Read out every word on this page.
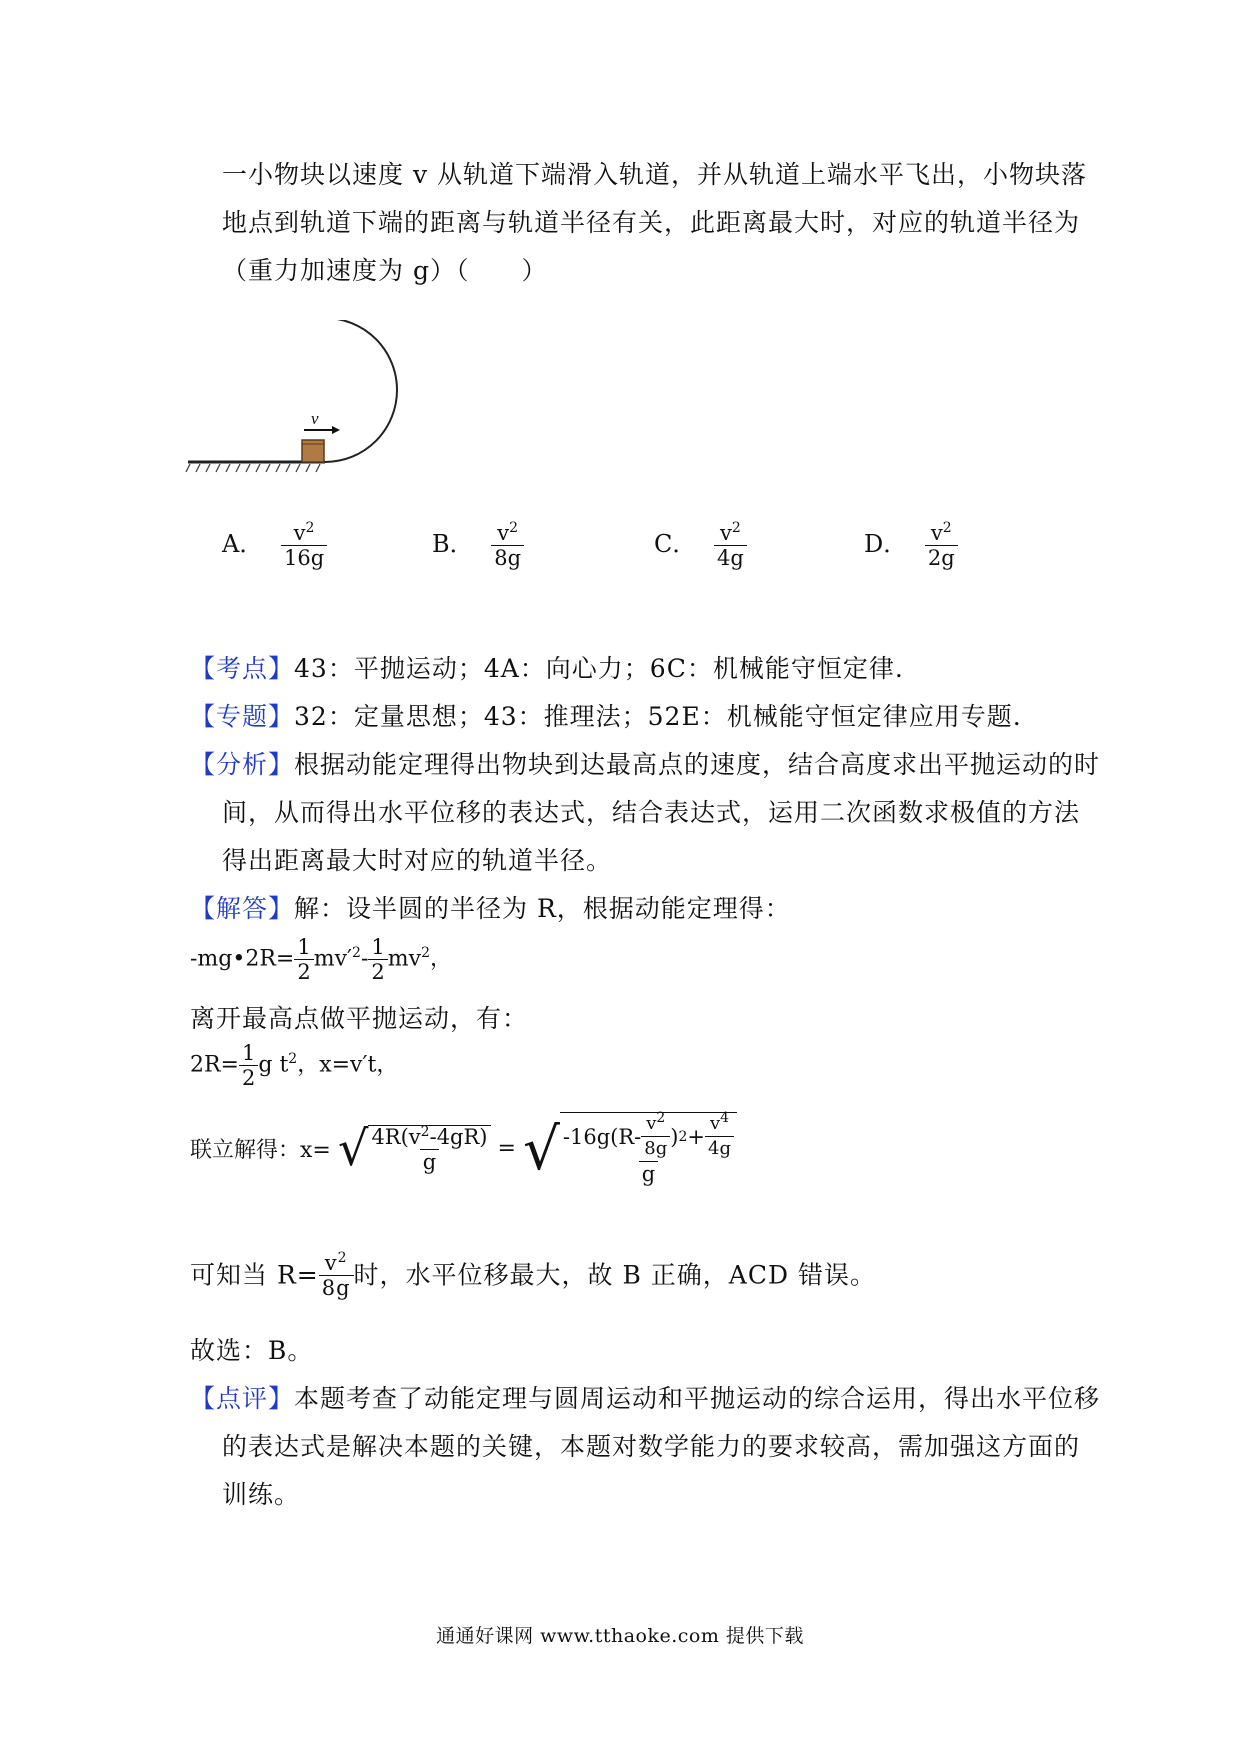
一小物块以速度 v 从轨道下端滑入轨道，并从轨道上端水平飞出，小物块落
地点到轨道下端的距离与轨道半径有关，此距离最大时，对应的轨道半径为
（重力加速度为 g）（　　）
v
A． $\frac{v^2}{16g}$	B． $\frac{v^2}{8g}$	C． $\frac{v^2}{4g}$	D． $\frac{v^2}{2g}$
【考点】43：平抛运动；4A：向心力；6C：机械能守恒定律.
【专题】32：定量思想；43：推理法；52E：机械能守恒定律应用专题.
【分析】根据动能定理得出物块到达最高点的速度，结合高度求出平抛运动的时
间，从而得出水平位移的表达式，结合表达式，运用二次函数求极值的方法
得出距离最大时对应的轨道半径。
【解答】解：设半圆的半径为 R，根据动能定理得：
-mg•2R= $\frac{1}{2} mv'^2- \frac{1}{2} mv^2$，
离开最高点做平抛运动，有：
$2R= \frac{1}{2}$ g $t^2$，x=v′t，
联立解得：x= √ $\frac{4R(v^2-4gR)}{g}$ = √ $\frac{-16g(R- \frac{v^2}{8g} ) 2 + \frac{v^4}{4g}}{g}$
可知当 $R= \frac{v^2}{8g}$ 时，水平位移最大，故 B 正确，ACD 错误。
故选：B。
【点评】本题考查了动能定理与圆周运动和平抛运动的综合运用，得出水平位移
的表达式是解决本题的关键，本题对数学能力的要求较高，需加强这方面的
训练。
通通好课网 www.tthaoke.com 提供下载
